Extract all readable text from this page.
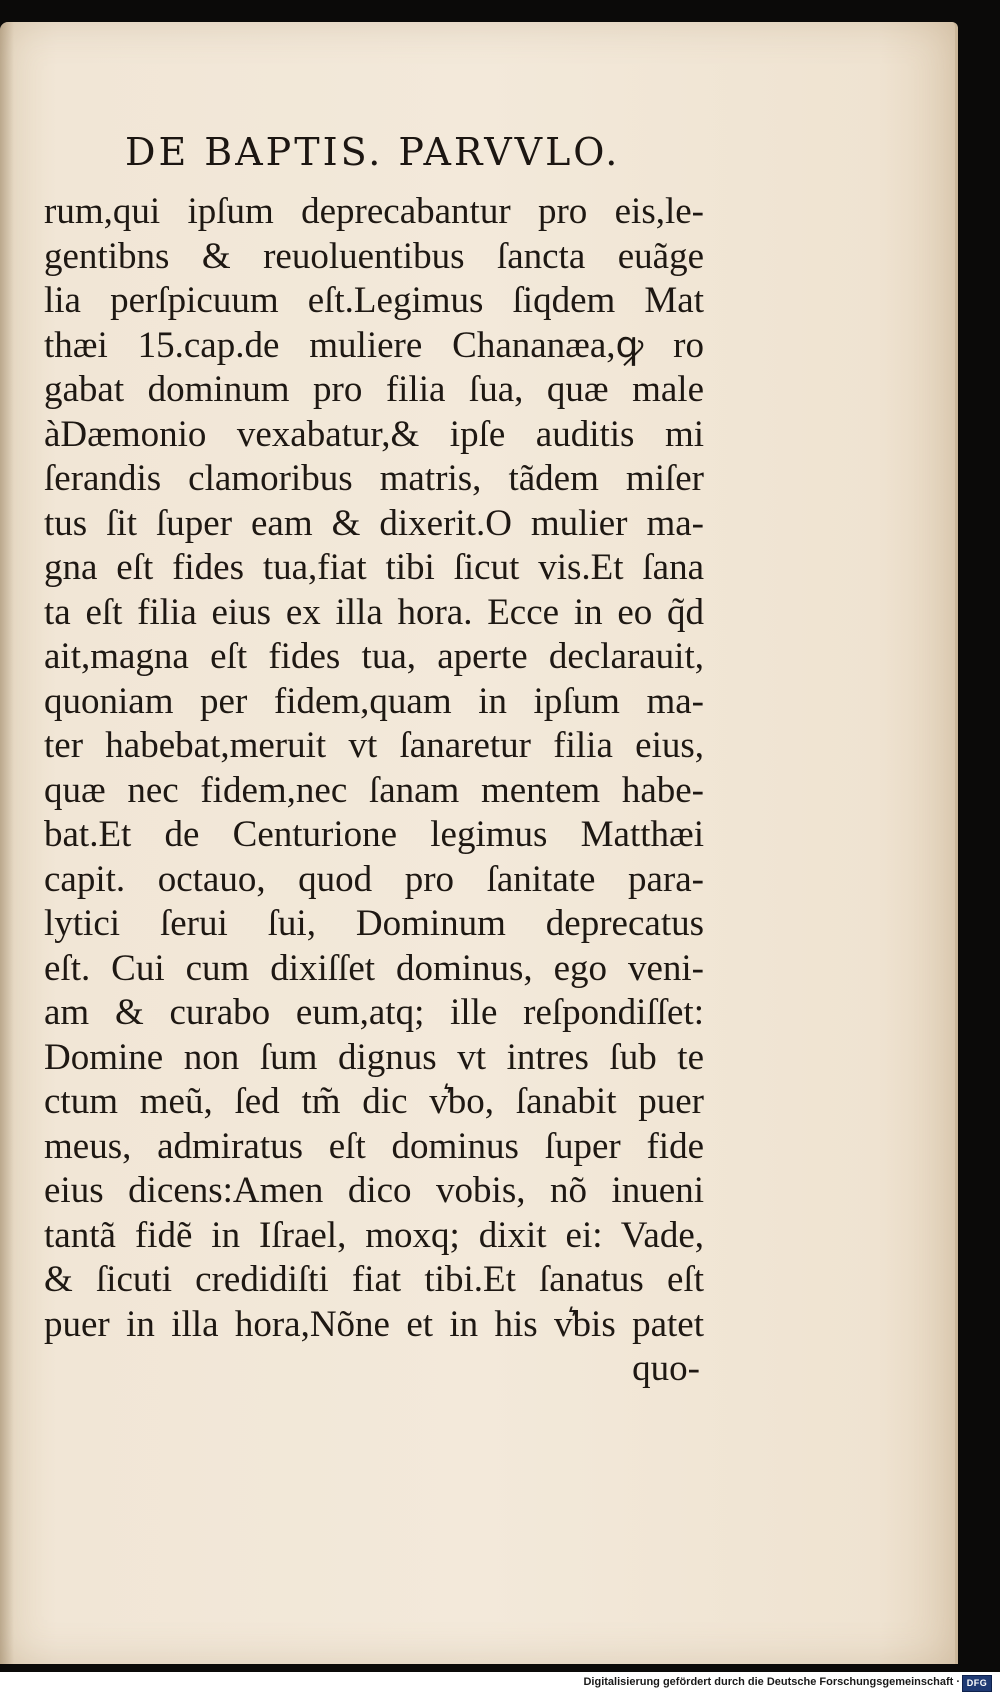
DE BAPTIS. PARVVLO.
rum,qui ipſum deprecabantur pro eis,le-
gentibns & reuoluentibus ſancta euãge
lia perſpicuum eſt.Legimus ſiqdem Mat
thæi 15.cap.de muliere Chananæa,ꝙ ro
gabat dominum pro filia ſua, quæ male
àDæmonio vexabatur,& ipſe auditis mi
ſerandis clamoribus matris, tãdem miſer
tus ſit ſuper eam & dixerit.O mulier ma-
gna eſt fides tua,fiat tibi ſicut vis.Et ſana
ta eſt filia eius ex illa hora. Ecce in eo q̃d
ait,magna eſt fides tua, aperte declarauit,
quoniam per fidem,quam in ipſum ma-
ter habebat,meruit vt ſanaretur filia eius,
quæ nec fidem,nec ſanam mentem habe-
bat.Et de Centurione legimus Matthæi
capit. octauo, quod pro ſanitate para-
lytici ſerui ſui, Dominum deprecatus
eſt. Cui cum dixiſſet dominus, ego veni-
am & curabo eum,atq; ille reſpondiſſet:
Domine non ſum dignus vt intres ſub te
ctum meũ, ſed tm̃ dic v͛bo, ſanabit puer
meus, admiratus eſt dominus ſuper fide
eius dicens:Amen dico vobis, nõ inueni
tantã fidẽ in Iſrael, moxq; dixit ei: Vade,
& ſicuti credidiſti fiat tibi.Et ſanatus eſt
puer in illa hora,Nõne et in his v͛bis patet
quo-
Digitalisierung gefördert durch die Deutsche Forschungsgemeinschaft · DFG
